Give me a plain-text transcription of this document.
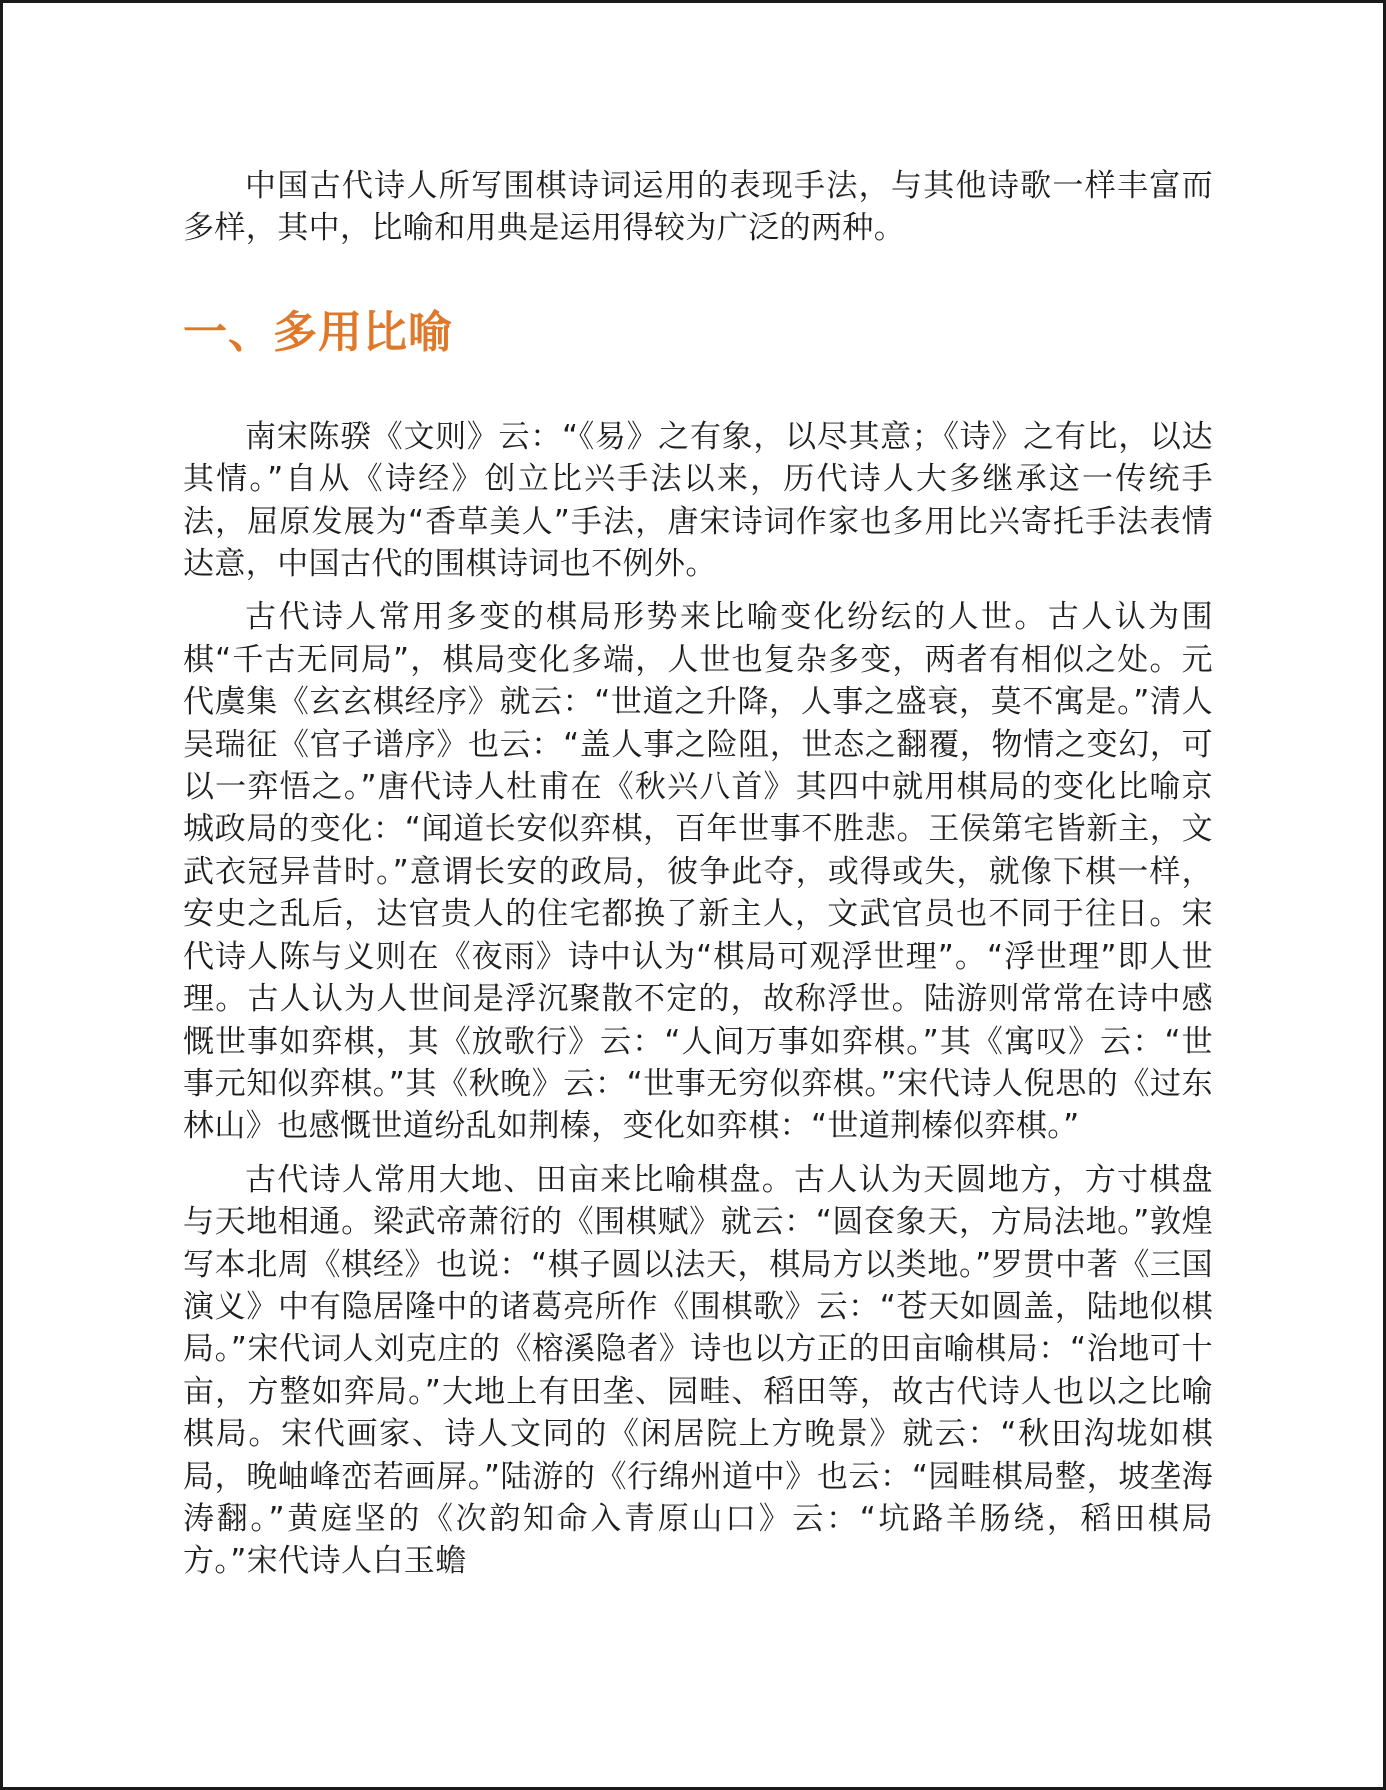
中国古代诗人所写围棋诗词运用的表现手法，与其他诗歌一样丰富而多样，其中，比喻和用典是运用得较为广泛的两种。

一、多用比喻

南宋陈骙《文则》云：“《易》之有象，以尽其意；《诗》之有比，以达其情。”自从《诗经》创立比兴手法以来，历代诗人大多继承这一传统手法，屈原发展为“香草美人”手法，唐宋诗词作家也多用比兴寄托手法表情达意，中国古代的围棋诗词也不例外。

古代诗人常用多变的棋局形势来比喻变化纷纭的人世。古人认为围棋“千古无同局”，棋局变化多端，人世也复杂多变，两者有相似之处。元代虞集《玄玄棋经序》就云：“世道之升降，人事之盛衰，莫不寓是。”清人吴瑞征《官子谱序》也云：“盖人事之险阻，世态之翻覆，物情之变幻，可以一弈悟之。”唐代诗人杜甫在《秋兴八首》其四中就用棋局的变化比喻京城政局的变化：“闻道长安似弈棋，百年世事不胜悲。王侯第宅皆新主，文武衣冠异昔时。”意谓长安的政局，彼争此夺，或得或失，就像下棋一样，安史之乱后，达官贵人的住宅都换了新主人，文武官员也不同于往日。宋代诗人陈与义则在《夜雨》诗中认为“棋局可观浮世理”。“浮世理”即人世理。古人认为人世间是浮沉聚散不定的，故称浮世。陆游则常常在诗中感慨世事如弈棋，其《放歌行》云：“人间万事如弈棋。”其《寓叹》云：“世事元知似弈棋。”其《秋晚》云：“世事无穷似弈棋。”宋代诗人倪思的《过东林山》也感慨世道纷乱如荆榛，变化如弈棋：“世道荆榛似弈棋。”

古代诗人常用大地、田亩来比喻棋盘。古人认为天圆地方，方寸棋盘与天地相通。梁武帝萧衍的《围棋赋》就云：“圆奁象天，方局法地。”敦煌写本北周《棋经》也说：“棋子圆以法天，棋局方以类地。”罗贯中著《三国演义》中有隐居隆中的诸葛亮所作《围棋歌》云：“苍天如圆盖，陆地似棋局。”宋代词人刘克庄的《榕溪隐者》诗也以方正的田亩喻棋局：“治地可十亩，方整如弈局。”大地上有田垄、园畦、稻田等，故古代诗人也以之比喻棋局。宋代画家、诗人文同的《闲居院上方晚景》就云：“秋田沟垅如棋局，晚岫峰峦若画屏。”陆游的《行绵州道中》也云：“园畦棋局整，坡垄海涛翻。”黄庭坚的《次韵知命入青原山口》云：“坑路羊肠绕，稻田棋局方。”宋代诗人白玉蟾
